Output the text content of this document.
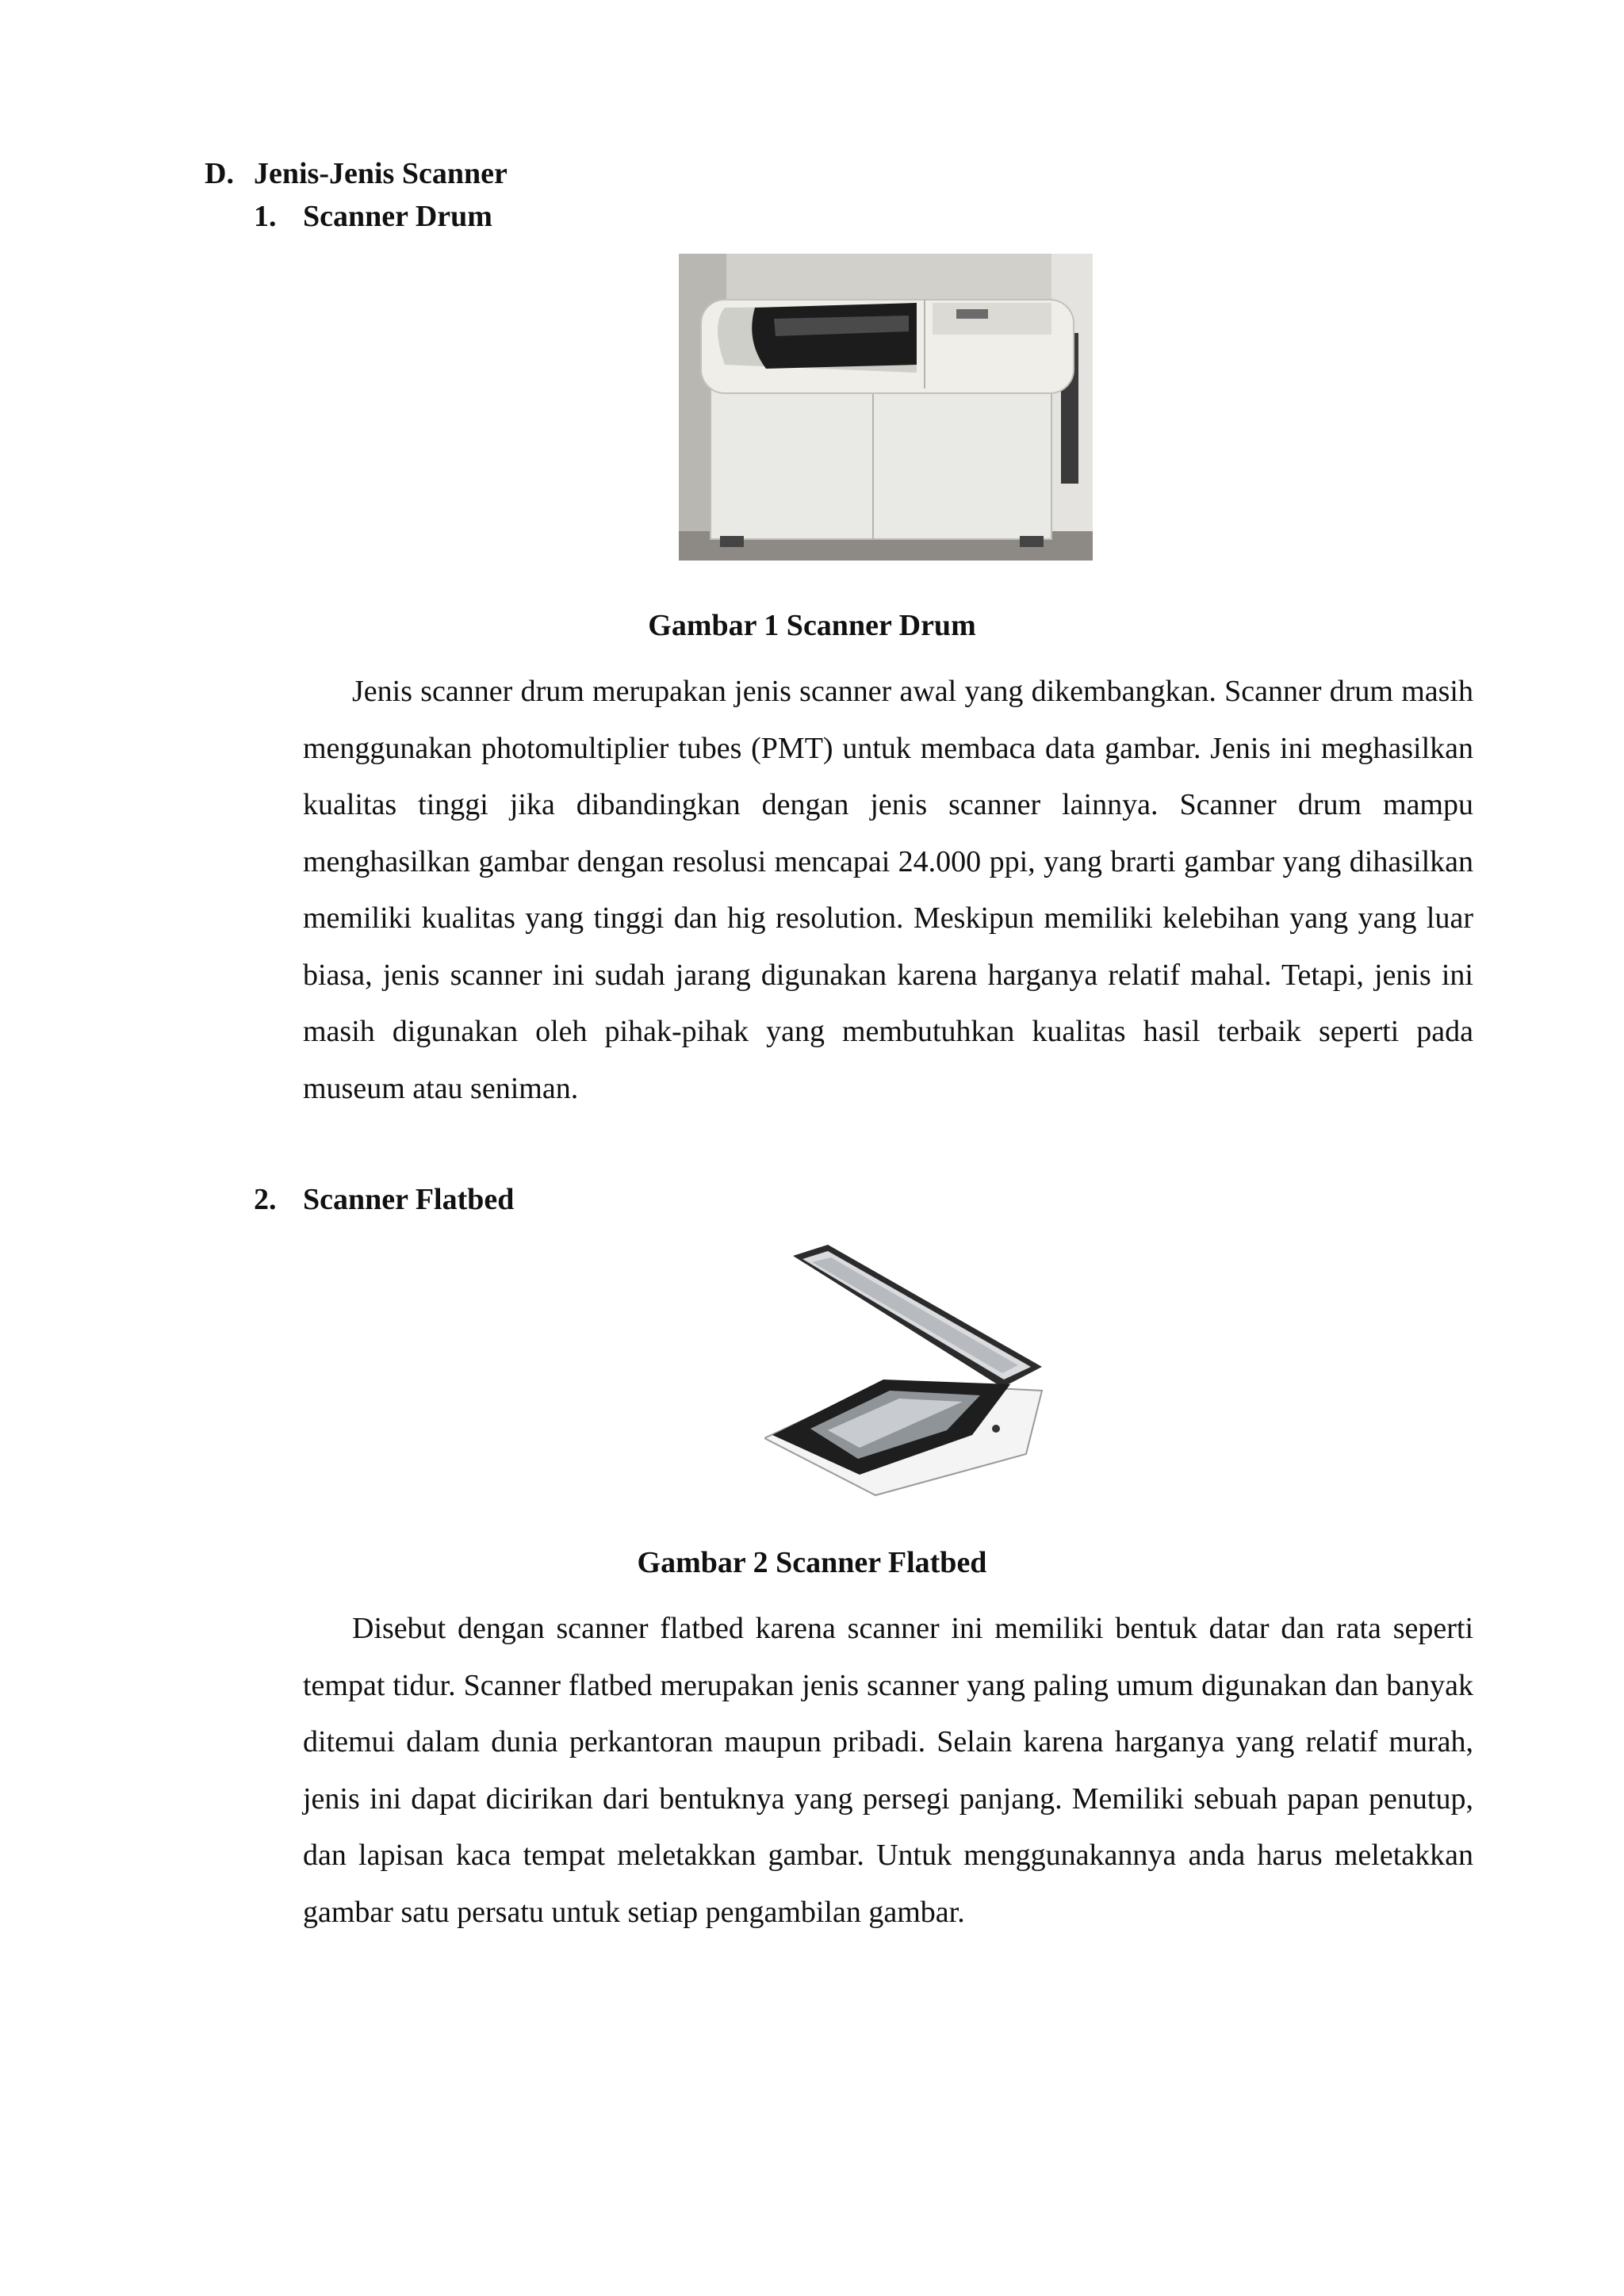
D. Jenis-Jenis Scanner
1. Scanner Drum

Gambar 1 Scanner Drum

Jenis scanner drum merupakan jenis scanner awal yang dikembangkan. Scanner drum masih menggunakan photomultiplier tubes (PMT) untuk membaca data gambar. Jenis ini meghasilkan kualitas tinggi jika dibandingkan dengan jenis scanner lainnya. Scanner drum mampu menghasilkan gambar dengan resolusi mencapai 24.000 ppi, yang brarti gambar yang dihasilkan memiliki kualitas yang tinggi dan hig resolution. Meskipun memiliki kelebihan yang yang luar biasa, jenis scanner ini sudah jarang digunakan karena harganya relatif mahal. Tetapi, jenis ini masih digunakan oleh pihak-pihak yang membutuhkan kualitas hasil terbaik seperti pada museum atau seniman.

2. Scanner Flatbed

Gambar 2 Scanner Flatbed

Disebut dengan scanner flatbed karena scanner ini memiliki bentuk datar dan rata seperti tempat tidur. Scanner flatbed merupakan jenis scanner yang paling umum digunakan dan banyak ditemui dalam dunia perkantoran maupun pribadi. Selain karena harganya yang relatif murah, jenis ini dapat dicirikan dari bentuknya yang persegi panjang. Memiliki sebuah papan penutup, dan lapisan kaca tempat meletakkan gambar. Untuk menggunakannya anda harus meletakkan gambar satu persatu untuk setiap pengambilan gambar.
